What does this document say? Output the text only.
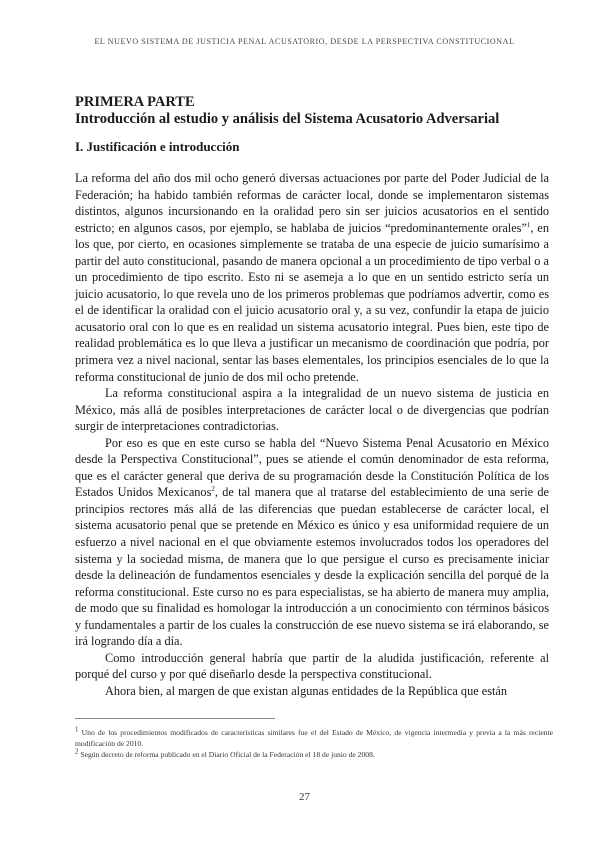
EL NUEVO SISTEMA DE JUSTICIA PENAL ACUSATORIO, DESDE LA PERSPECTIVA CONSTITUCIONAL
PRIMERA PARTE
Introducción al estudio y análisis del Sistema Acusatorio Adversarial
I. Justificación e introducción

La reforma del año dos mil ocho generó diversas actuaciones por parte del Poder Judicial de la Federación; ha habido también reformas de carácter local, donde se implementaron sistemas distintos, algunos incursionando en la oralidad pero sin ser juicios acusatorios en el sentido estricto; en algunos casos, por ejemplo, se hablaba de juicios “predominantemente orales”$^1$, en los que, por cierto, en ocasiones simplemente se trataba de una especie de juicio sumarísimo a partir del auto constitucional, pasando de manera opcional a un procedimiento de tipo verbal o a un procedimiento de tipo escrito. Esto ni se asemeja a lo que en un sentido estricto sería un juicio acusatorio, lo que revela uno de los primeros problemas que podríamos advertir, como es el de identificar la oralidad con el juicio acusatorio oral y, a su vez, confundir la etapa de juicio acusatorio oral con lo que es en realidad un sistema acusatorio integral. Pues bien, este tipo de realidad problemática es lo que lleva a justificar un mecanismo de coordinación que podría, por primera vez a nivel nacional, sentar las bases elementales, los principios esenciales de lo que la reforma constitucional de junio de dos mil ocho pretende.

La reforma constitucional aspira a la integralidad de un nuevo sistema de justicia en México, más allá de posibles interpretaciones de carácter local o de divergencias que podrían surgir de interpretaciones contradictorias.

Por eso es que en este curso se habla del “Nuevo Sistema Penal Acusatorio en México desde la Perspectiva Constitucional”, pues se atiende el común denominador de esta reforma, que es el carácter general que deriva de su programación desde la Constitución Política de los Estados Unidos Mexicanos$^2$, de tal manera que al tratarse del establecimiento de una serie de principios rectores más allá de las diferencias que puedan establecerse de carácter local, el sistema acusatorio penal que se pretende en México es único y esa uniformidad requiere de un esfuerzo a nivel nacional en el que obviamente estemos involucrados todos los operadores del sistema y la sociedad misma, de manera que lo que persigue el curso es precisamente iniciar desde la delineación de fundamentos esenciales y desde la explicación sencilla del porqué de la reforma constitucional. Este curso no es para especialistas, se ha abierto de manera muy amplia, de modo que su finalidad es homologar la introducción a un conocimiento con términos básicos y fundamentales a partir de los cuales la construcción de ese nuevo sistema se irá elaborando, se irá logrando día a día.

Como introducción general habría que partir de la aludida justificación, referente al porqué del curso y por qué diseñarlo desde la perspectiva constitucional.

Ahora bien, al margen de que existan algunas entidades de la República que están

$^1$ Uno de los procedimientos modificados de características similares fue el del Estado de México, de vigencia intermedia y previa a la más reciente modificación de 2010.

$^2$ Según decreto de reforma publicado en el Diario Oficial de la Federación el 18 de junio de 2008.

27
